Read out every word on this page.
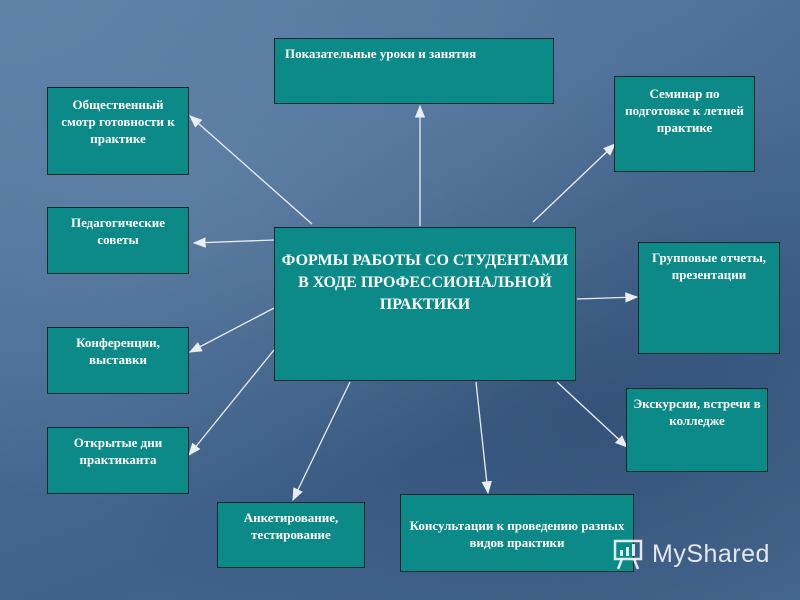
Показательные уроки и занятия
Общественный смотр готовности к практике
Семинар по подготовке к летней практике
Педагогические советы
ФОРМЫ РАБОТЫ СО СТУДЕНТАМИ В ХОДЕ ПРОФЕССИОНАЛЬНОЙ ПРАКТИКИ
Групповые отчеты, презентации
Конференции, выставки
Экскурсии, встречи в колледже
Открытые дни практиканта
Анкетирование, тестирование
Консультации к проведению разных видов практики	MyShared
